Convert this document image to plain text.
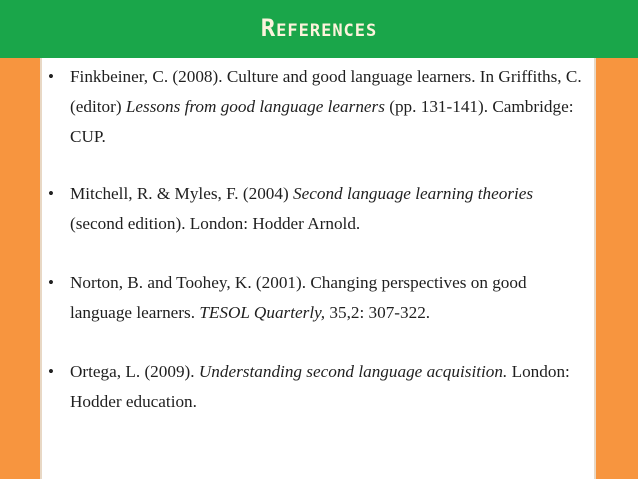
References
• Finkbeiner, C. (2008). Culture and good language learners. In Griffiths, C. (editor) Lessons from good language learners (pp. 131-141). Cambridge: CUP.
• Mitchell, R. & Myles, F. (2004) Second language learning theories (second edition). London: Hodder Arnold.
• Norton, B. and Toohey, K. (2001). Changing perspectives on good language learners. TESOL Quarterly, 35,2: 307-322.
• Ortega, L. (2009). Understanding second language acquisition. London: Hodder education.
